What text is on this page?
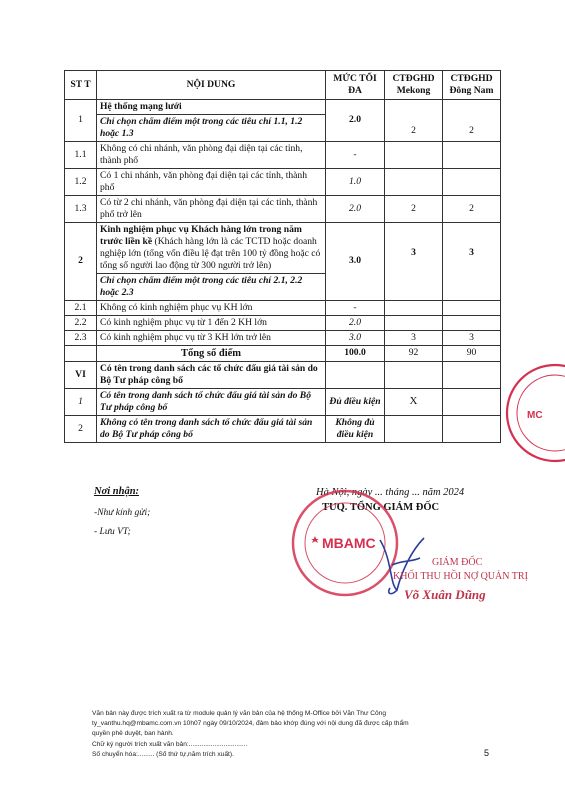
ST T	NỘI DUNG	MỨC TỐI ĐA	CTĐGHD Mekong	CTĐGHD Đông Nam
1	Hệ thống mạng lưới	2.0	2	2
	Chỉ chọn chấm điểm một trong các tiêu chí 1.1, 1.2 hoặc 1.3			
1.1	Không có chi nhánh, văn phòng đại diện tại các tỉnh, thành phố	-		
1.2	Có 1 chi nhánh, văn phòng đại diện tại các tỉnh, thành phố	1.0		
1.3	Có từ 2 chi nhánh, văn phòng đại diện tại các tỉnh, thành phố trở lên	2.0	2	2
2	Kinh nghiệm phục vụ Khách hàng lớn trong năm trước liền kề (Khách hàng lớn là các TCTD hoặc doanh nghiệp lớn (tổng vốn điều lệ đạt trên 100 tỷ đồng hoặc có tổng số người lao động từ 300 người trở lên)	3.0	3	3
	Chỉ chọn chấm điểm một trong các tiêu chí 2.1, 2.2 hoặc 2.3			
2.1	Không có kinh nghiệm phục vụ KH lớn	-		
2.2	Có kinh nghiệm phục vụ từ 1 đến 2 KH lớn	2.0		
2.3	Có kinh nghiệm phục vụ từ 3 KH lớn trở lên	3.0	3	3
	Tổng số điểm	100.0	92	90
VI	Có tên trong danh sách các tổ chức đấu giá tài sản do Bộ Tư pháp công bố			
1	Có tên trong danh sách tổ chức đấu giá tài sản do Bộ Tư pháp công bố	Đủ điều kiện	X	
2	Không có tên trong danh sách tổ chức đấu giá tài sản do Bộ Tư pháp công bố	Không đủ điều kiện		
MC
Nơi nhận:
-Như kính gửi;
- Lưu VT;
Hà Nội, ngày ... tháng ... năm 2024
TUQ. TỔNG GIÁM ĐỐC
MBAMC
GIÁM ĐỐC
KHỐI THU HỒI NỢ QUẢN TRỊ
Võ Xuân Dũng
Văn bản này được trích xuất ra từ module quản lý văn bản của hệ thống M-Office bởi Văn Thư Công
ty_vanthu.hq@mbamc.com.vn 10h07 ngày 09/10/2024, đảm bảo khớp đúng với nội dung đã được cấp thẩm
quyền phê duyệt, ban hành.
Chữ ký người trích xuất văn bản:................................
Số chuyển hóa:......... (Số thứ tự,năm trích xuất).	5
